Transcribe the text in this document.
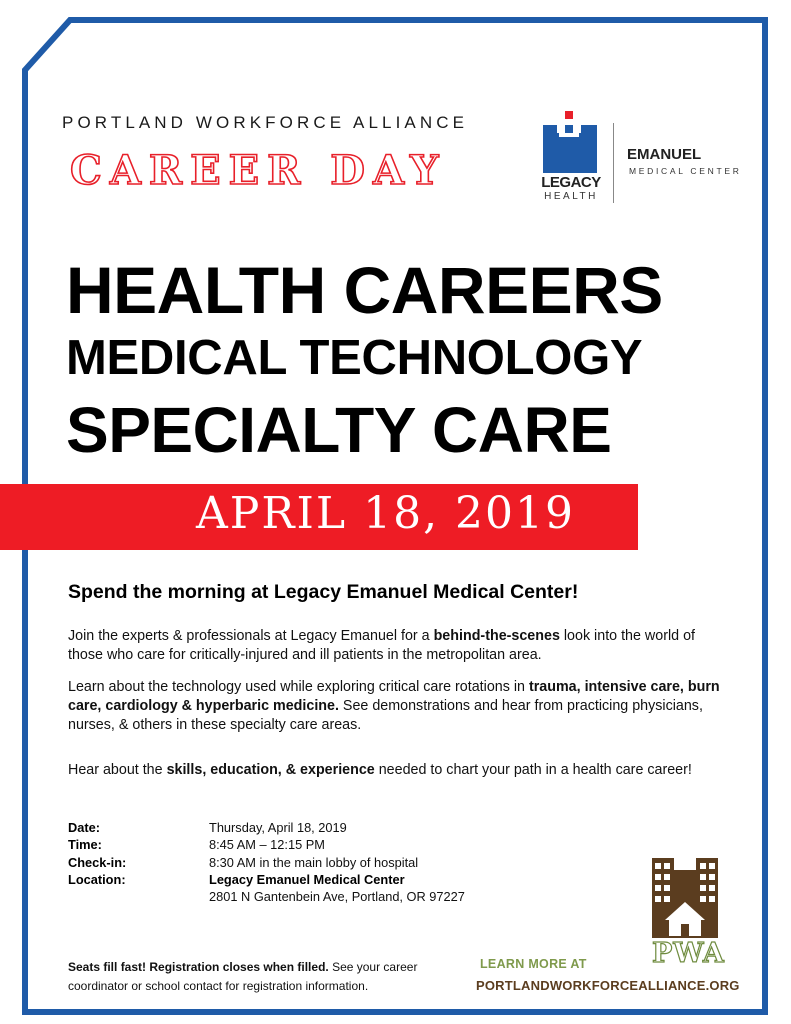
PORTLAND WORKFORCE ALLIANCE
CAREER DAY	LEGACY
HEALTH
EMANUEL
MEDICAL CENTER
HEALTH CAREERS
MEDICAL TECHNOLOGY
SPECIALTY CARE
APRIL 18, 2019
Spend the morning at Legacy Emanuel Medical Center!
Join the experts & professionals at Legacy Emanuel for a behind-the-scenes look into the world of those who care for critically-injured and ill patients in the metropolitan area.
Learn about the technology used while exploring critical care rotations in trauma, intensive care, burn care, cardiology & hyperbaric medicine. See demonstrations and hear from practicing physicians, nurses, & others in these specialty care areas.
Hear about the skills, education, & experience needed to chart your path in a health care career!
Date:	Thursday, April 18, 2019
Time:	8:45 AM – 12:15 PM
Check-in:	8:30 AM in the main lobby of hospital
Location:	Legacy Emanuel Medical Center
2801 N Gantenbein Ave, Portland, OR 97227
PWA
Seats fill fast! Registration closes when filled. See your career coordinator or school contact for registration information.
LEARN MORE AT
PORTLANDWORKFORCEALLIANCE.ORG
